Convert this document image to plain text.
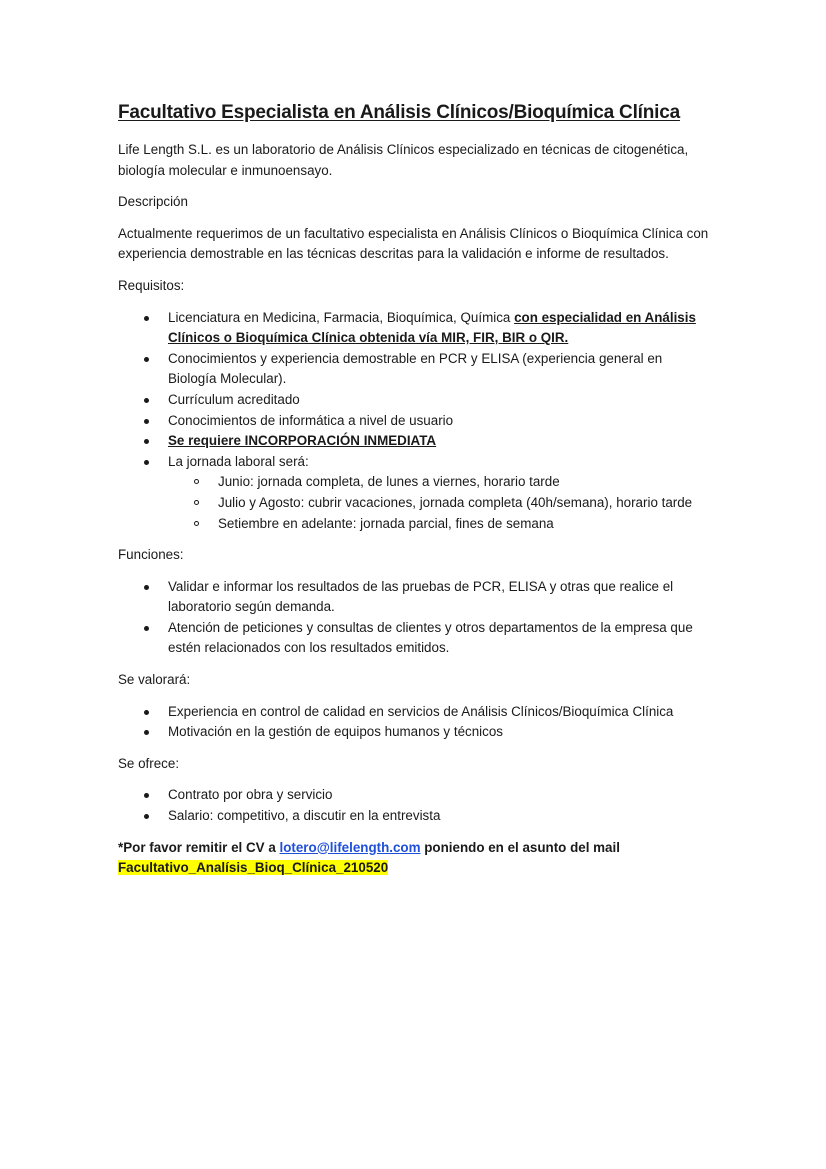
Facultativo Especialista en Análisis Clínicos/Bioquímica Clínica

Life Length S.L. es un laboratorio de Análisis Clínicos especializado en técnicas de citogenética, biología molecular e inmunoensayo.

Descripción

Actualmente requerimos de un facultativo especialista en Análisis Clínicos o Bioquímica Clínica con experiencia demostrable en las técnicas descritas para la validación e informe de resultados.

Requisitos:

Licenciatura en Medicina, Farmacia, Bioquímica, Química con especialidad en Análisis Clínicos o Bioquímica Clínica obtenida vía MIR, FIR, BIR o QIR.
Conocimientos y experiencia demostrable en PCR y ELISA (experiencia general en Biología Molecular).
Currículum acreditado
Conocimientos de informática a nivel de usuario
Se requiere INCORPORACIÓN INMEDIATA
La jornada laboral será:
Junio: jornada completa, de lunes a viernes, horario tarde
Julio y Agosto: cubrir vacaciones, jornada completa (40h/semana), horario tarde
Setiembre en adelante: jornada parcial, fines de semana

Funciones:

Validar e informar los resultados de las pruebas de PCR, ELISA y otras que realice el laboratorio según demanda.
Atención de peticiones y consultas de clientes y otros departamentos de la empresa que estén relacionados con los resultados emitidos.

Se valorará:

Experiencia en control de calidad en servicios de Análisis Clínicos/Bioquímica Clínica
Motivación en la gestión de equipos humanos y técnicos

Se ofrece:

Contrato por obra y servicio
Salario: competitivo, a discutir en la entrevista

*Por favor remitir el CV a lotero@lifelength.com poniendo en el asunto del mail
Facultativo_Analísis_Bioq_Clínica_210520
